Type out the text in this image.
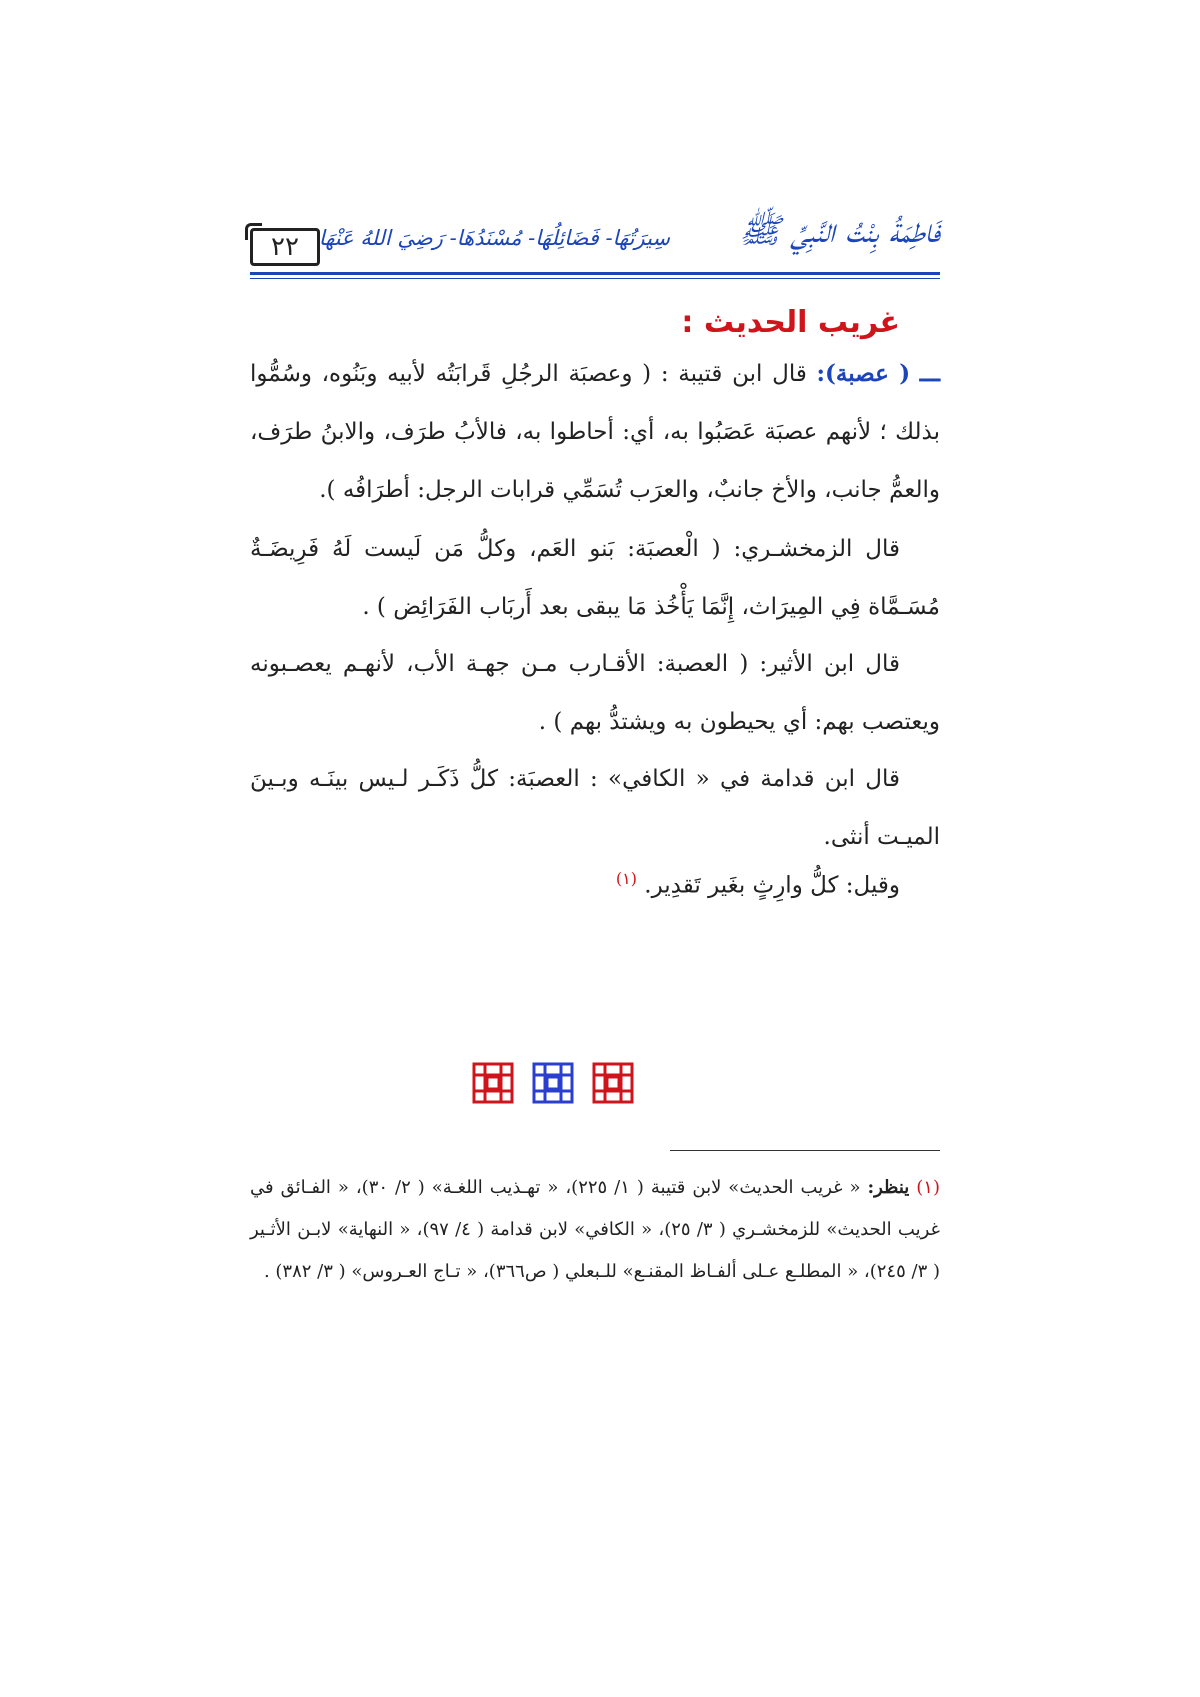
٢٢ سِيرَتُهَا- فَضَائِلُهَا- مُسْنَدُهَا- رَضِيَ اللهُ عَنْهَا فَاطِمَةُ بِنْتُ النَّبِيِّ ﷺ
غريب الحديث :
ـــ ( عصبة): قال ابن قتيبة : ( وعصبَة الرجُلِ قَرابَتُه لأبيه وبَنُوه، وسُمُّوا بذلك ؛ لأنهم عصبَة عَصَبُوا به، أي: أحاطوا به، فالأبُ طرَف، والابنُ طرَف، والعمُّ جانب، والأخ جانبٌ، والعرَب تُسَمِّي قرابات الرجل: أطرَافُه ).
قال الزمخشـري: ( الْعصبَة: بَنو العَم، وكلُّ مَن لَيست لَهُ فَرِيضَـةٌ مُسَـمَّاة فِي المِيرَاث، إِنَّمَا يَأْخُذ مَا يبقى بعد أَربَاب الفَرَائِض ) .
قال ابن الأثير: ( العصبة: الأقـارب مـن جهـة الأب، لأنهـم يعصـبونه ويعتصب بهم: أي يحيطون به ويشتدُّ بهم ) .
قال ابن قدامة في « الكافي» : العصبَة: كلُّ ذَكَـر لـيس بينَـه وبـينَ الميـت أنثى.
وقيل: كلُّ وارِثٍ بغَير تَقدِير. $^{(١)}$
(١) ينظر: « غريب الحديث» لابن قتيبة ( ١/ ٢٢٥)، « تهـذيب اللغـة» ( ٢/ ٣٠)، « الفـائق في غريب الحديث» للزمخشـري ( ٣/ ٢٥)، « الكافي» لابن قدامة ( ٤/ ٩٧)، « النهاية» لابـن الأثـير ( ٣/ ٢٤٥)، « المطلـع عـلى ألفـاظ المقنـع» للـبعلي ( ص٣٦٦)، « تـاج العـروس» ( ٣/ ٣٨٢) .
